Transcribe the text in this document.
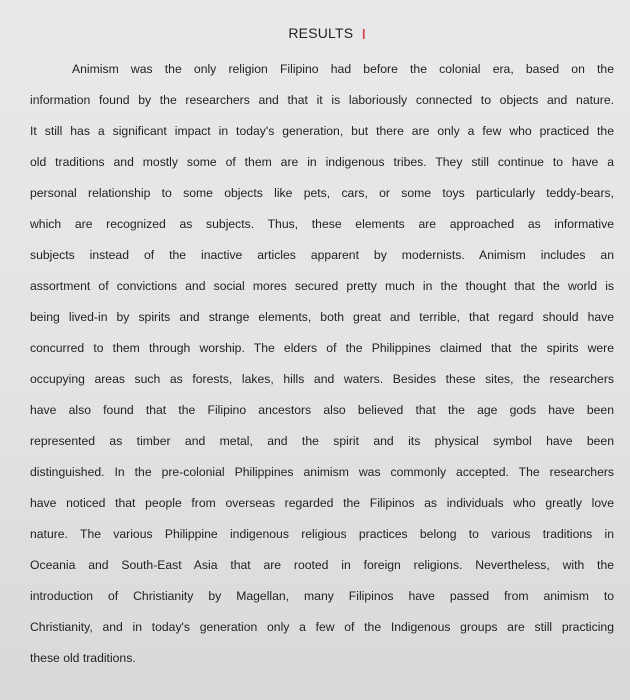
RESULTS ǀ
Animism was the only religion Filipino had before the colonial era, based on the
information found by the researchers and that it is laboriously connected to objects and nature.
It still has a significant impact in today's generation, but there are only a few who practiced the
old traditions and mostly some of them are in indigenous tribes. They still continue to have a
personal relationship to some objects like pets, cars, or some toys particularly teddy-bears,
which are recognized as subjects. Thus, these elements are approached as informative
subjects instead of the inactive articles apparent by modernists. Animism includes an
assortment of convictions and social mores secured pretty much in the thought that the world is
being lived-in by spirits and strange elements, both great and terrible, that regard should have
concurred to them through worship. The elders of the Philippines claimed that the spirits were
occupying areas such as forests, lakes, hills and waters. Besides these sites, the researchers
have also found that the Filipino ancestors also believed that the age gods have been
represented as timber and metal, and the spirit and its physical symbol have been
distinguished. In the pre-colonial Philippines animism was commonly accepted. The researchers
have noticed that people from overseas regarded the Filipinos as individuals who greatly love
nature. The various Philippine indigenous religious practices belong to various traditions in
Oceania and South-East Asia that are rooted in foreign religions. Nevertheless, with the
introduction of Christianity by Magellan, many Filipinos have passed from animism to
Christianity, and in today's generation only a few of the Indigenous groups are still practicing
these old traditions.
